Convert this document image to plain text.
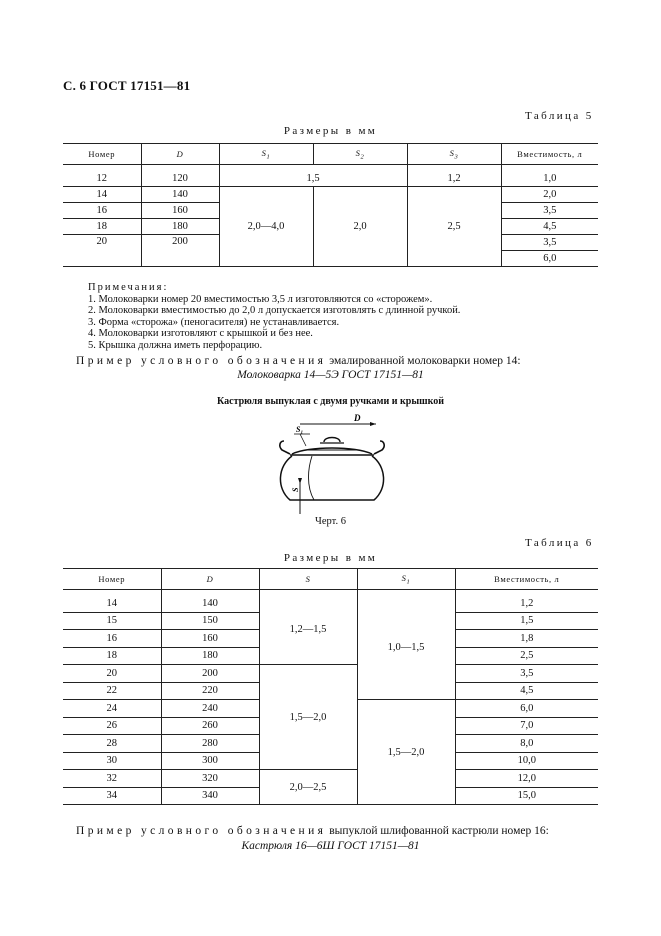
С. 6 ГОСТ 17151—81
Таблица 5
Размеры в мм
Номер	D	$S_1$	$S_2$	$S_3$	Вместимость, л

12	120	1,5		1,2	1,0
14	140	2,0—4,0	2,0	2,5	2,0
16	160				3,5
18	180				4,5
20	200				3,5
					6,0
Примечания:
1. Молоковарки номер 20 вместимостью 3,5 л изготовляются со «сторожем».
2. Молоковарки вместимостью до 2,0 л допускается изготовлять с длинной ручкой.
3. Форма «сторожа» (пеногасителя) не устанавливается.
4. Молоковарки изготовляют с крышкой и без нее.
5. Крышка должна иметь перфорацию.
Пример условного обозначения эмалированной молоковарки номер 14:
Молоковарка 14—5Э ГОСТ 17151—81
Кастрюля выпуклая с двумя ручками и крышкой
D
S₁
S
Черт. 6
Таблица 6
Размеры в мм
Номер	D	S	$S_1$	Вместимость, л

14	140	1,2—1,5	1,0—1,5	1,2
15	150			1,5
16	160			1,8
18	180			2,5
20	200	1,5—2,0		3,5
22	220			4,5
24	240		1,5—2,0	6,0
26	260			7,0
28	280			8,0
30	300			10,0
32	320	2,0—2,5		12,0
34	340			15,0
Пример условного обозначения выпуклой шлифованной кастрюли номер 16:
Кастрюля 16—6Ш ГОСТ 17151—81
